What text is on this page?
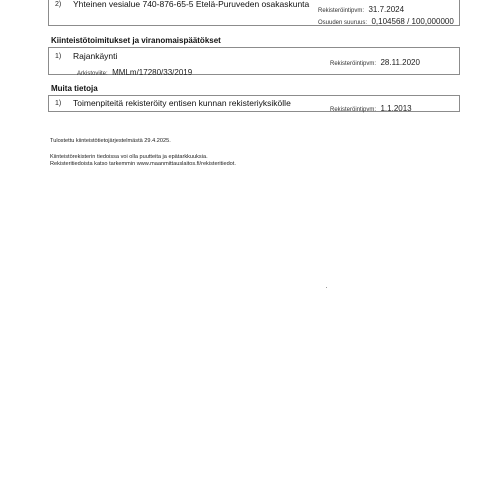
2) Yhteinen vesialue 740-876-65-5 Etelä-Puruveden osakaskunta
Rekisteröintipvm: 31.7.2024
Osuuden suuruus: 0,104568 / 100,000000
Kiinteistötoimitukset ja viranomaispäätökset
1) Rajankäynti
Arkistoviite: MMLm/17280/33/2019
Rekisteröintipvm: 28.11.2020
Muita tietoja
1) Toimenpiteitä rekisteröity entisen kunnan rekisteriyksikölle
Rekisteröintipvm: 1.1.2013
Tulostettu kiinteistötietojärjestelmästä 29.4.2025.
Kiinteistörekisterin tiedoissa voi olla puutteita ja epätarkkuuksia.
Rekisteritiedoista katso tarkemmin www.maanmittauslaitos.fi/rekisteritiedot.
